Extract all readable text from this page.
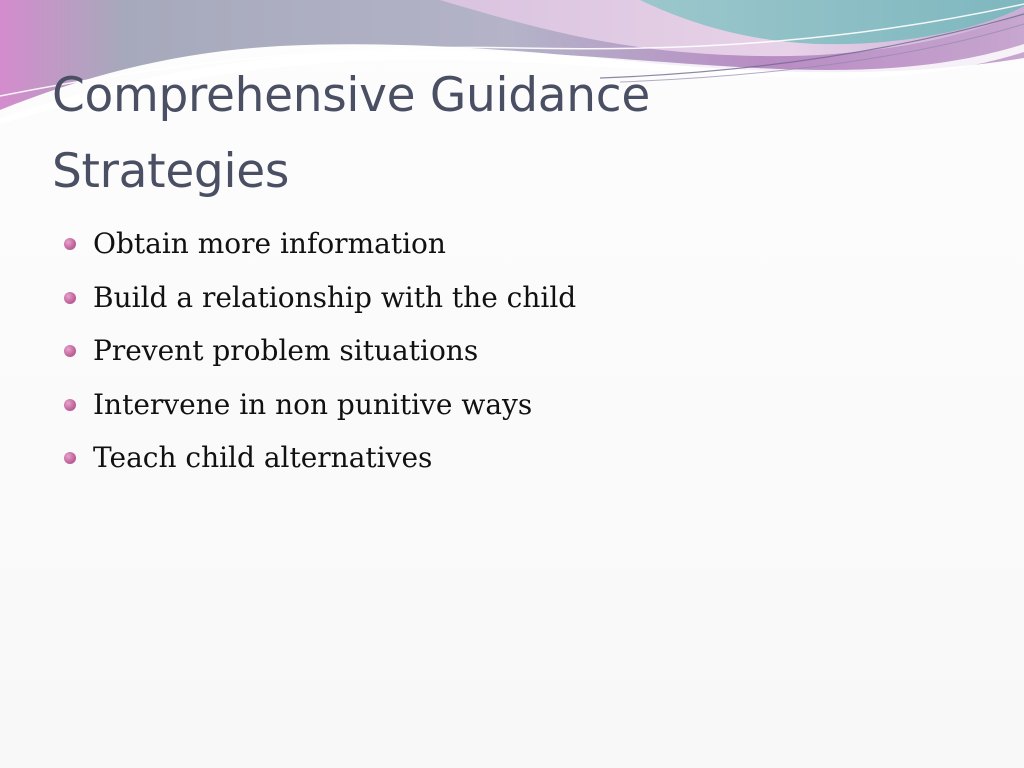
Comprehensive Guidance
Strategies
Obtain more information
Build a relationship with the child
Prevent problem situations
Intervene in non punitive ways
Teach child alternatives
